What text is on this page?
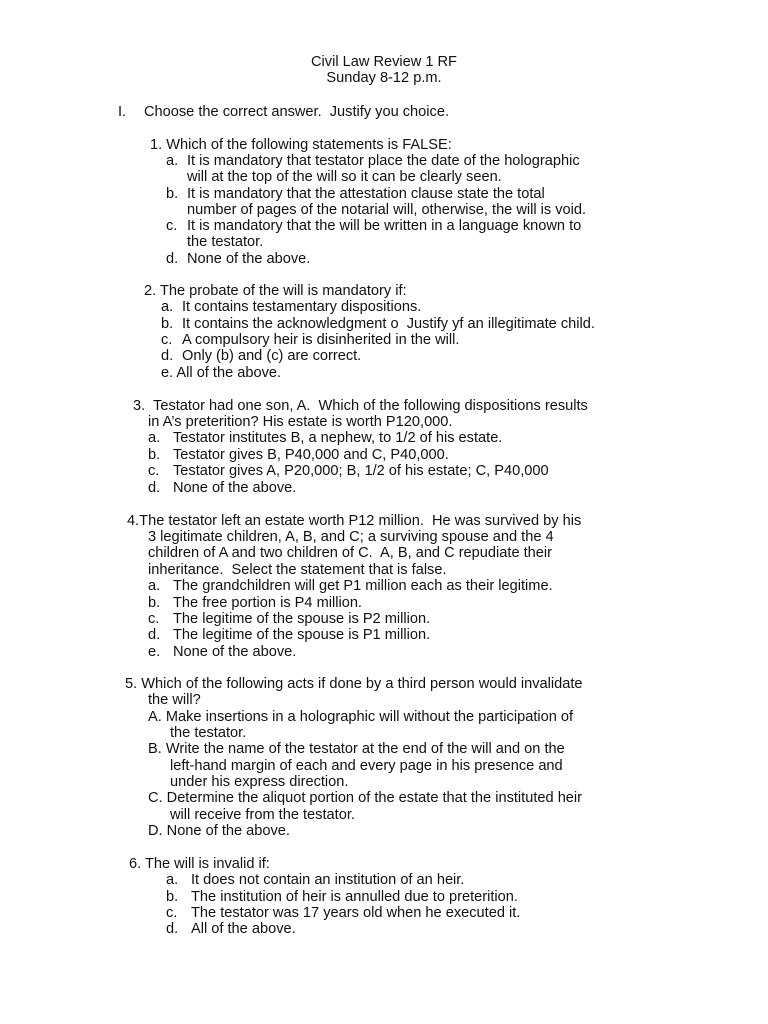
Civil Law Review 1 RF
Sunday 8-12 p.m.
I. Choose the correct answer.  Justify you choice.
1. Which of the following statements is FALSE:
a. It is mandatory that testator place the date of the holographic
will at the top of the will so it can be clearly seen.
b. It is mandatory that the attestation clause state the total
number of pages of the notarial will, otherwise, the will is void.
c. It is mandatory that the will be written in a language known to
the testator.
d. None of the above.
2. The probate of the will is mandatory if:
a. It contains testamentary dispositions.
b. It contains the acknowledgment o  Justify yf an illegitimate child.
c. A compulsory heir is disinherited in the will.
d. Only (b) and (c) are correct.
e. All of the above.
3. Testator had one son, A.  Which of the following dispositions results
in A’s preterition? His estate is worth P120,000.
a. Testator institutes B, a nephew, to 1/2 of his estate.
b. Testator gives B, P40,000 and C, P40,000.
c. Testator gives A, P20,000; B, 1/2 of his estate; C, P40,000
d. None of the above.
4.The testator left an estate worth P12 million.  He was survived by his
3 legitimate children, A, B, and C; a surviving spouse and the 4
children of A and two children of C.  A, B, and C repudiate their
inheritance.  Select the statement that is false.
a. The grandchildren will get P1 million each as their legitime.
b. The free portion is P4 million.
c. The legitime of the spouse is P2 million.
d. The legitime of the spouse is P1 million.
e. None of the above.
5. Which of the following acts if done by a third person would invalidate
the will?
A. Make insertions in a holographic will without the participation of
the testator.
B. Write the name of the testator at the end of the will and on the
left-hand margin of each and every page in his presence and
under his express direction.
C. Determine the aliquot portion of the estate that the instituted heir
will receive from the testator.
D. None of the above.
6. The will is invalid if:
a. It does not contain an institution of an heir.
b. The institution of heir is annulled due to preterition.
c. The testator was 17 years old when he executed it.
d. All of the above.
